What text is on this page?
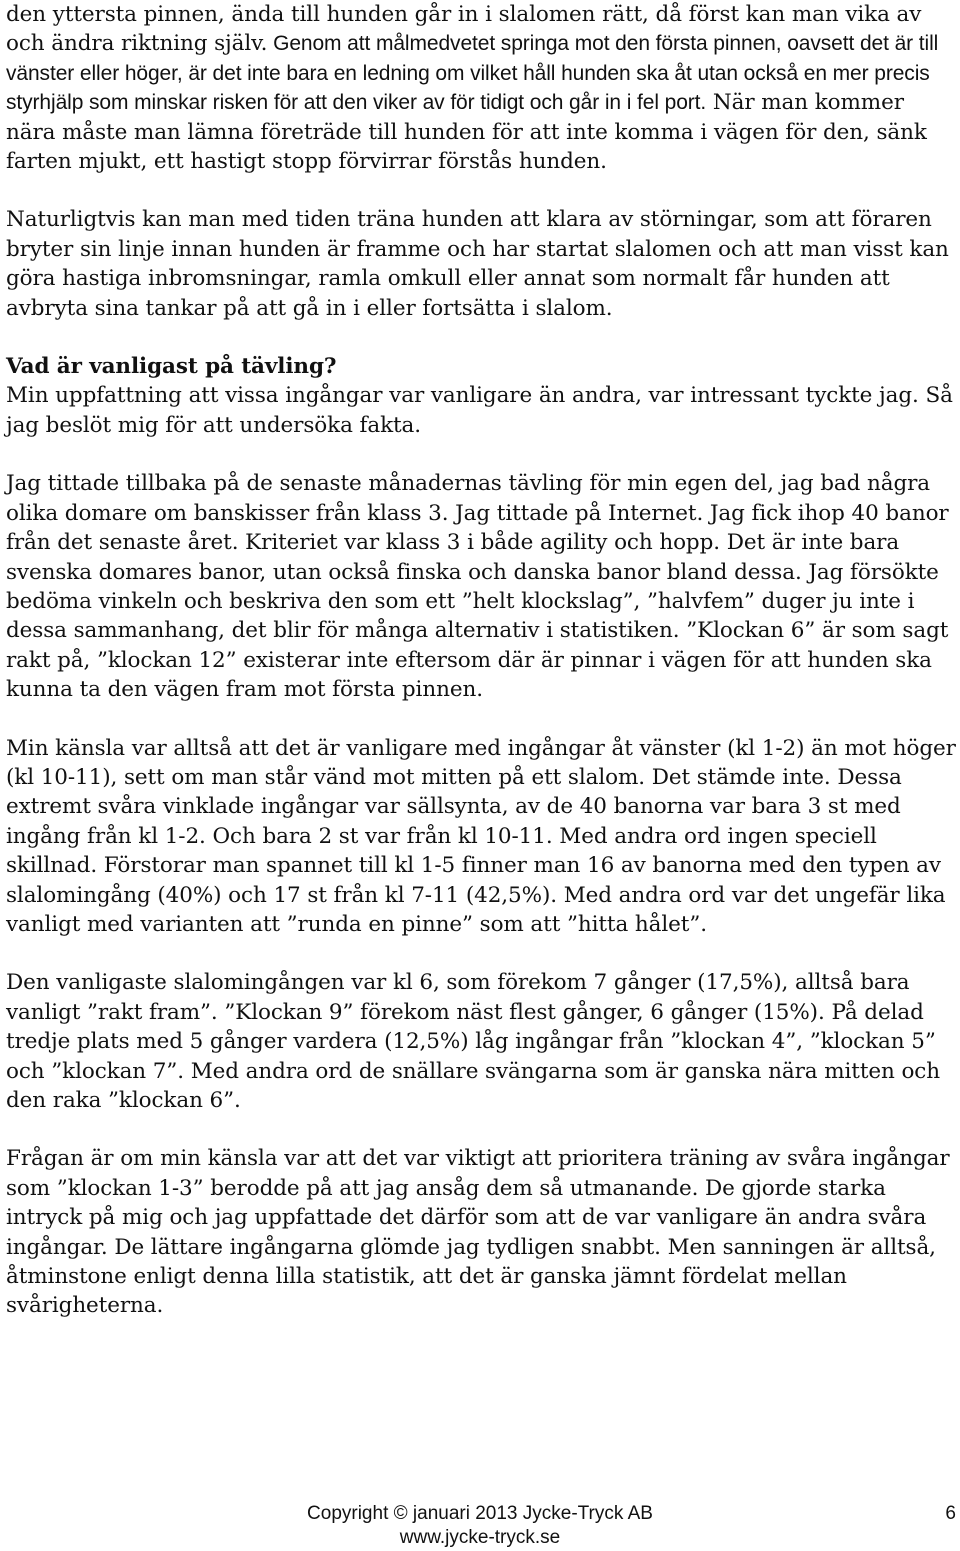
den yttersta pinnen, ända till hunden går in i slalomen rätt, då först kan man vika av och ändra riktning själv. Genom att målmedvetet springa mot den första pinnen, oavsett det är till vänster eller höger, är det inte bara en ledning om vilket håll hunden ska åt utan också en mer precis styrhjälp som minskar risken för att den viker av för tidigt och går in i fel port. När man kommer nära måste man lämna företräde till hunden för att inte komma i vägen för den, sänk farten mjukt, ett hastigt stopp förvirrar förstås hunden.

Naturligtvis kan man med tiden träna hunden att klara av störningar, som att föraren bryter sin linje innan hunden är framme och har startat slalomen och att man visst kan göra hastiga inbromsningar, ramla omkull eller annat som normalt får hunden att avbryta sina tankar på att gå in i eller fortsätta i slalom.

Vad är vanligast på tävling?

Min uppfattning att vissa ingångar var vanligare än andra, var intressant tyckte jag. Så jag beslöt mig för att undersöka fakta.

Jag tittade tillbaka på de senaste månadernas tävling för min egen del, jag bad några olika domare om banskisser från klass 3. Jag tittade på Internet. Jag fick ihop 40 banor från det senaste året. Kriteriet var klass 3 i både agility och hopp. Det är inte bara svenska domares banor, utan också finska och danska banor bland dessa. Jag försökte bedöma vinkeln och beskriva den som ett ”helt klockslag”, ”halvfem” duger ju inte i dessa sammanhang, det blir för många alternativ i statistiken. ”Klockan 6” är som sagt rakt på, ”klockan 12” existerar inte eftersom där är pinnar i vägen för att hunden ska kunna ta den vägen fram mot första pinnen.

Min känsla var alltså att det är vanligare med ingångar åt vänster (kl 1-2) än mot höger (kl 10-11), sett om man står vänd mot mitten på ett slalom. Det stämde inte. Dessa extremt svåra vinklade ingångar var sällsynta, av de 40 banorna var bara 3 st med ingång från kl 1-2. Och bara 2 st var från kl 10-11. Med andra ord ingen speciell skillnad. Förstorar man spannet till kl 1-5 finner man 16 av banorna med den typen av slalomingång (40%) och 17 st från kl 7-11 (42,5%). Med andra ord var det ungefär lika vanligt med varianten att ”runda en pinne” som att ”hitta hålet”.

Den vanligaste slalomingången var kl 6, som förekom 7 gånger (17,5%), alltså bara vanligt ”rakt fram”. ”Klockan 9” förekom näst flest gånger, 6 gånger (15%). På delad tredje plats med 5 gånger vardera (12,5%) låg ingångar från ”klockan 4”, ”klockan 5” och ”klockan 7”. Med andra ord de snällare svängarna som är ganska nära mitten och den raka ”klockan 6”.

Frågan är om min känsla var att det var viktigt att prioritera träning av svåra ingångar som ”klockan 1-3” berodde på att jag ansåg dem så utmanande. De gjorde starka intryck på mig och jag uppfattade det därför som att de var vanligare än andra svåra ingångar. De lättare ingångarna glömde jag tydligen snabbt. Men sanningen är alltså, åtminstone enligt denna lilla statistik, att det är ganska jämnt fördelat mellan svårigheterna.

Copyright © januari 2013 Jycke-Tryck AB
www.jycke-tryck.se
6
